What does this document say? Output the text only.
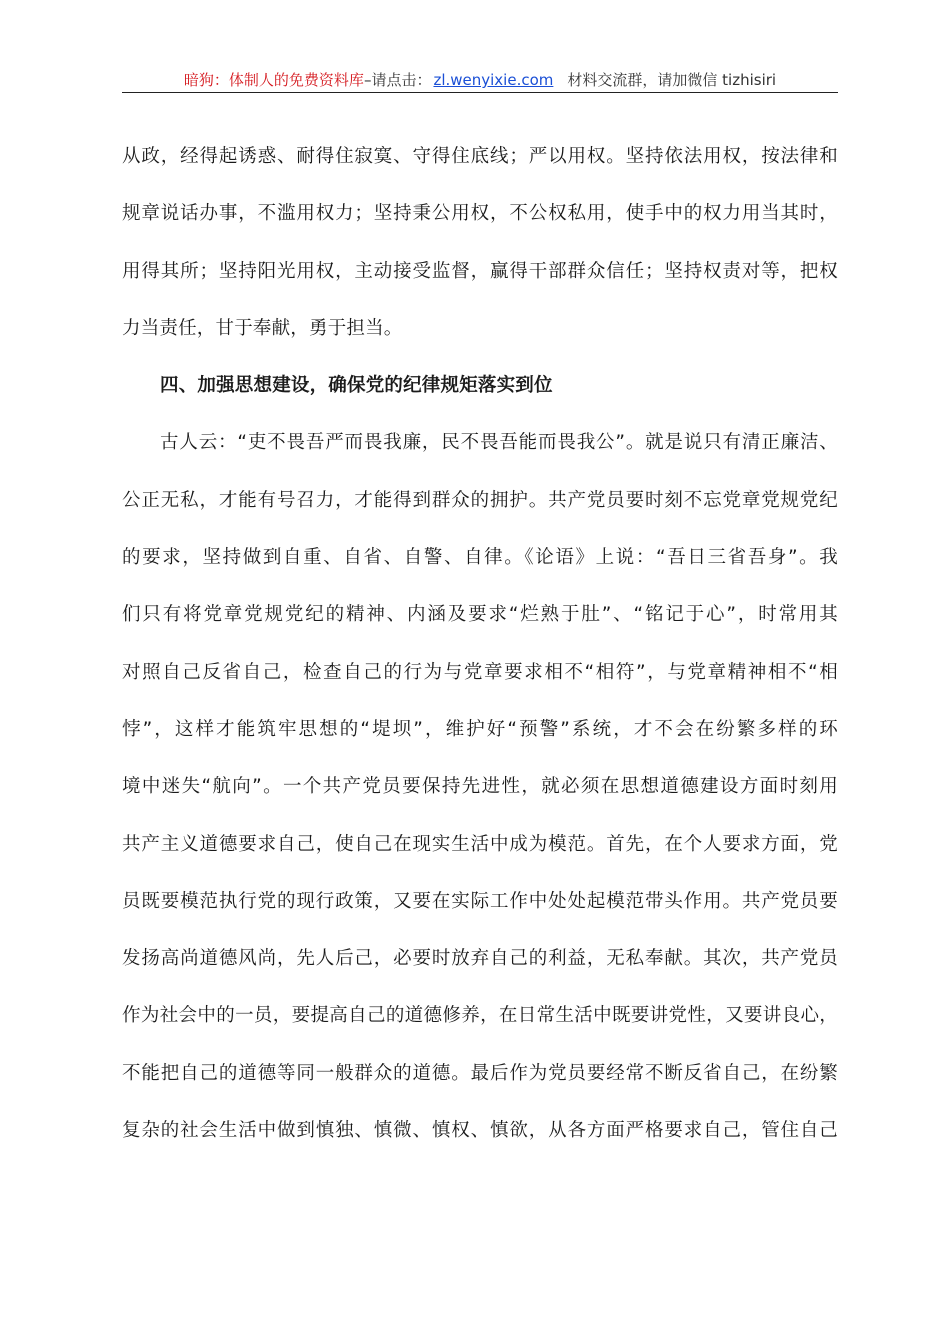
暗狗：体制人的免费资料库–请点击： zl.wenyixie.com 材料交流群，请加微信 tizhisiri
从政，经得起诱惑、耐得住寂寞、守得住底线；严以用权。坚持依法用权，按法律和
规章说话办事，不滥用权力；坚持秉公用权，不公权私用，使手中的权力用当其时，
用得其所；坚持阳光用权，主动接受监督，赢得干部群众信任；坚持权责对等，把权
力当责任，甘于奉献，勇于担当。
四、加强思想建设，确保党的纪律规矩落实到位
古人云：“吏不畏吾严而畏我廉，民不畏吾能而畏我公”。就是说只有清正廉洁、
公正无私，才能有号召力，才能得到群众的拥护。共产党员要时刻不忘党章党规党纪
的要求，坚持做到自重、自省、自警、自律。《论语》上说：“吾日三省吾身”。我
们只有将党章党规党纪的精神、内涵及要求“烂熟于肚”、“铭记于心”，时常用其
对照自己反省自己，检查自己的行为与党章要求相不“相符”，与党章精神相不“相
悖”，这样才能筑牢思想的“堤坝”，维护好“预警”系统，才不会在纷繁多样的环
境中迷失“航向”。一个共产党员要保持先进性，就必须在思想道德建设方面时刻用
共产主义道德要求自己，使自己在现实生活中成为模范。首先，在个人要求方面，党
员既要模范执行党的现行政策，又要在实际工作中处处起模范带头作用。共产党员要
发扬高尚道德风尚，先人后己，必要时放弃自己的利益，无私奉献。其次，共产党员
作为社会中的一员，要提高自己的道德修养，在日常生活中既要讲党性，又要讲良心，
不能把自己的道德等同一般群众的道德。最后作为党员要经常不断反省自己，在纷繁
复杂的社会生活中做到慎独、慎微、慎权、慎欲，从各方面严格要求自己，管住自己
